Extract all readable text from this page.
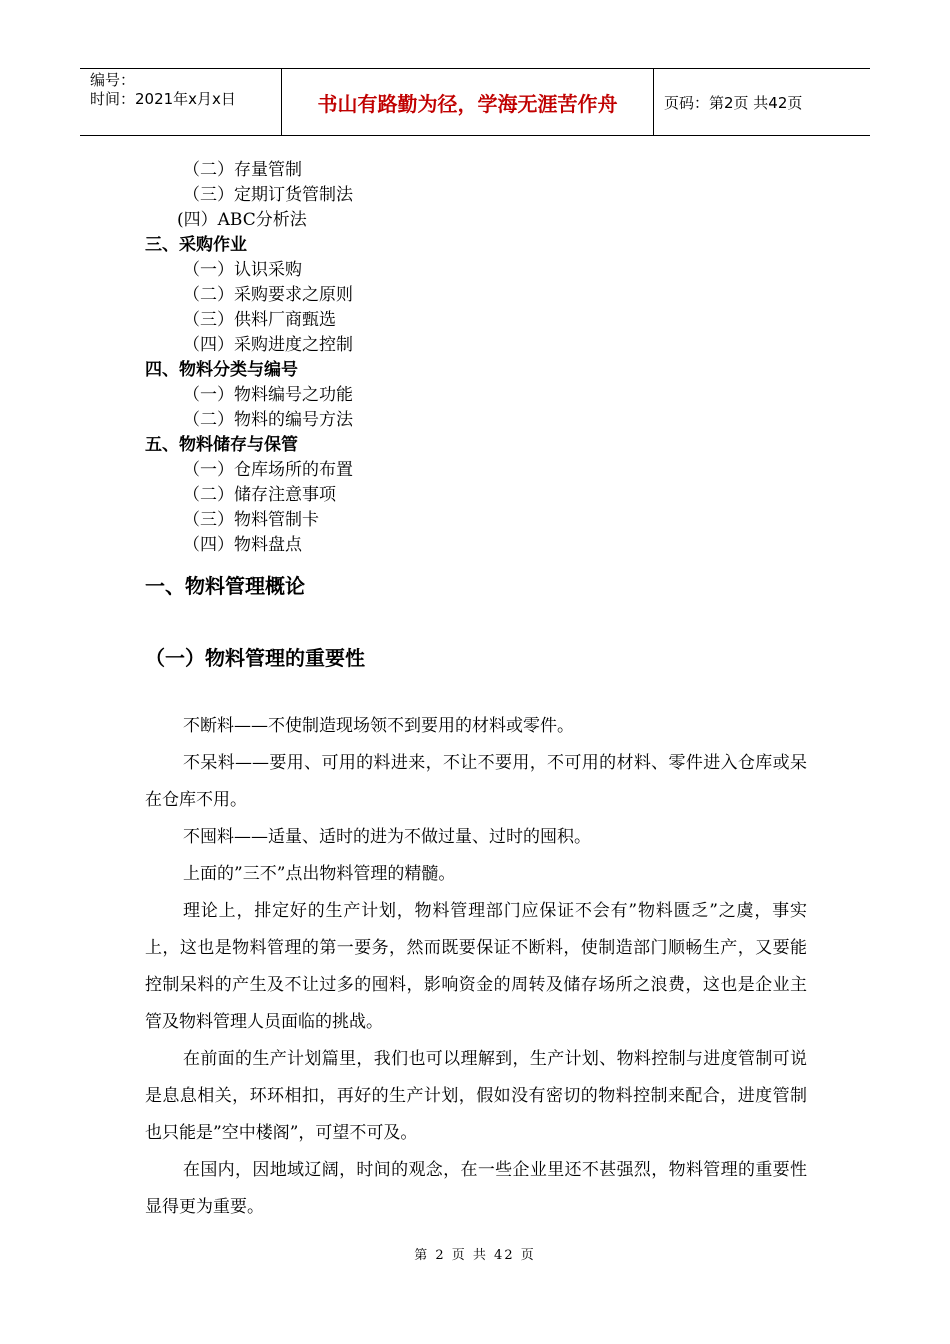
编号：
时间：2021年x月x日	书山有路勤为径，学海无涯苦作舟	页码：第2页 共42页
（二）存量管制
（三）定期订货管制法
(四）ABC分析法
三、采购作业
（一）认识采购
（二）采购要求之原则
（三）供料厂商甄选
（四）采购进度之控制
四、物料分类与编号
（一）物料编号之功能
（二）物料的编号方法
五、物料储存与保管
（一）仓库场所的布置
（二）储存注意事项
（三）物料管制卡
（四）物料盘点
一、物料管理概论
（一）物料管理的重要性

不断料——不使制造现场领不到要用的材料或零件。

不呆料——要用、可用的料进来，不让不要用，不可用的材料、零件进入仓库或呆在仓库不用。

不囤料——适量、适时的进为不做过量、过时的囤积。

上面的”三不”点出物料管理的精髓。

理论上，排定好的生产计划，物料管理部门应保证不会有”物料匮乏”之虞，事实上，这也是物料管理的第一要务，然而既要保证不断料，使制造部门顺畅生产，又要能控制呆料的产生及不让过多的囤料，影响资金的周转及储存场所之浪费，这也是企业主管及物料管理人员面临的挑战。

在前面的生产计划篇里，我们也可以理解到，生产计划、物料控制与进度管制可说是息息相关，环环相扣，再好的生产计划，假如没有密切的物料控制来配合，进度管制也只能是”空中楼阁”，可望不可及。

在国内，因地域辽阔，时间的观念，在一些企业里还不甚强烈，物料管理的重要性显得更为重要。

第 2 页 共 42 页
